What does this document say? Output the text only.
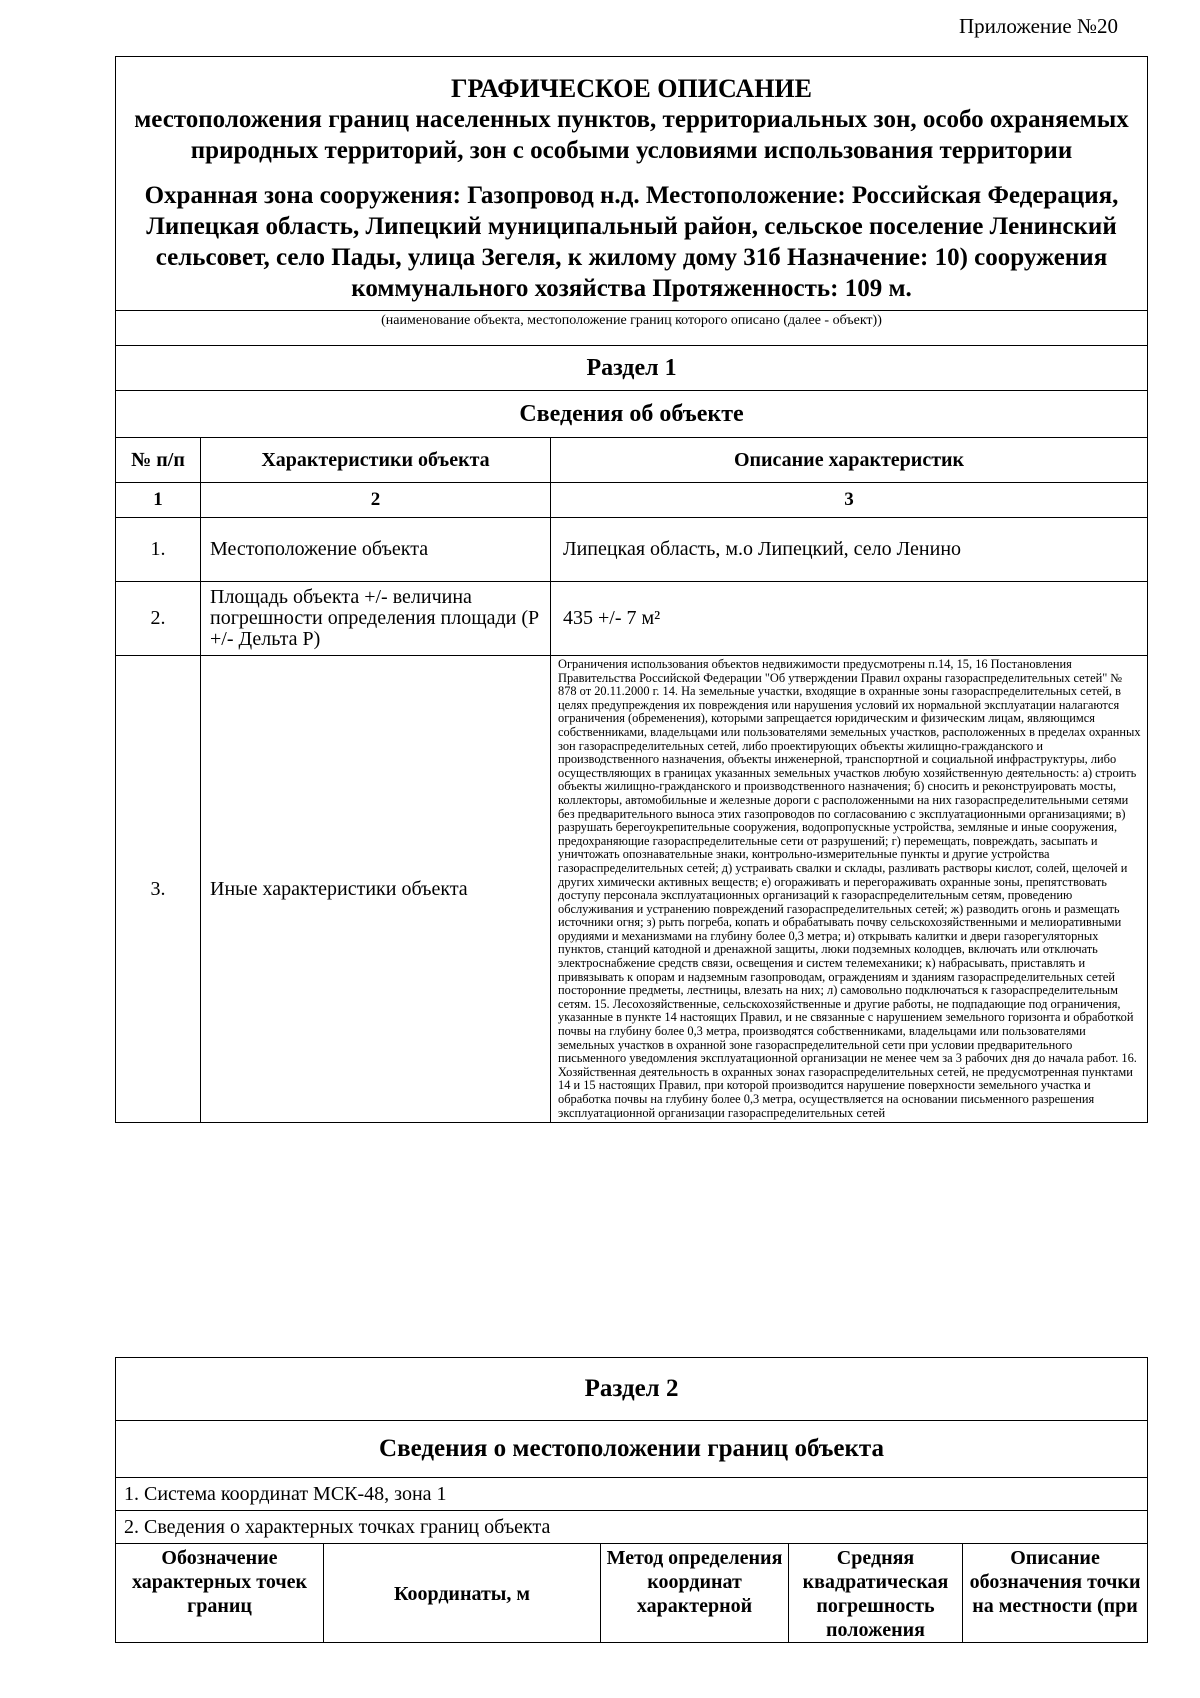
Приложение №20
ГРАФИЧЕСКОЕ ОПИСАНИЕ
местоположения границ населенных пунктов, территориальных зон, особо охраняемых природных территорий, зон с особыми условиями использования территории
Охранная зона сооружения: Газопровод н.д. Местоположение: Российская Федерация, Липецкая область, Липецкий муниципальный район, сельское поселение Ленинский сельсовет, село Пады, улица Зегеля, к жилому дому 31б Назначение: 10) сооружения коммунального хозяйства Протяженность: 109 м.		

(наименование объекта, местоположение границ которого описано (далее - объект))		
Раздел 1		
Сведения об объекте		
№ п/п	Характеристики объекта	Описание характеристик
1	2	3
1.	Местоположение объекта	Липецкая область, м.о Липецкий, село Ленино
2.	Площадь объекта +/- величина погрешности определения площади (P +/- Дельта P)	435 +/- 7 м²
3.	Иные характеристики объекта	Ограничения использования объектов недвижимости предусмотрены п.14, 15, 16 Постановления Правительства Российской Федерации "Об утверждении Правил охраны газораспределительных сетей" № 878 от 20.11.2000 г. 14. На земельные участки, входящие в охранные зоны газораспределительных сетей, в целях предупреждения их повреждения или нарушения условий их нормальной эксплуатации налагаются ограничения (обременения), которыми запрещается юридическим и физическим лицам, являющимся собственниками, владельцами или пользователями земельных участков, расположенных в пределах охранных зон газораспределительных сетей, либо проектирующих объекты жилищно-гражданского и производственного назначения, объекты инженерной, транспортной и социальной инфраструктуры, либо осуществляющих в границах указанных земельных участков любую хозяйственную деятельность: а) строить объекты жилищно-гражданского и производственного назначения; б) сносить и реконструировать мосты, коллекторы, автомобильные и железные дороги с расположенными на них газораспределительными сетями без предварительного выноса этих газопроводов по согласованию с эксплуатационными организациями; в) разрушать берегоукрепительные сооружения, водопропускные устройства, земляные и иные сооружения, предохраняющие газораспределительные сети от разрушений; г) перемещать, повреждать, засыпать и уничтожать опознавательные знаки, контрольно-измерительные пункты и другие устройства газораспределительных сетей; д) устраивать свалки и склады, разливать растворы кислот, солей, щелочей и других химически активных веществ; е) огораживать и перегораживать охранные зоны, препятствовать доступу персонала эксплуатационных организаций к газораспределительным сетям, проведению обслуживания и устранению повреждений газораспределительных сетей; ж) разводить огонь и размещать источники огня; з) рыть погреба, копать и обрабатывать почву сельскохозяйственными и мелиоративными орудиями и механизмами на глубину более 0,3 метра; и) открывать калитки и двери газорегуляторных пунктов, станций катодной и дренажной защиты, люки подземных колодцев, включать или отключать электроснабжение средств связи, освещения и систем телемеханики; к) набрасывать, приставлять и привязывать к опорам и надземным газопроводам, ограждениям и зданиям газораспределительных сетей посторонние предметы, лестницы, влезать на них; л) самовольно подключаться к газораспределительным сетям. 15. Лесохозяйственные, сельскохозяйственные и другие работы, не подпадающие под ограничения, указанные в пункте 14 настоящих Правил, и не связанные с нарушением земельного горизонта и обработкой почвы на глубину более 0,3 метра, производятся собственниками, владельцами или пользователями земельных участков в охранной зоне газораспределительной сети при условии предварительного письменного уведомления эксплуатационной организации не менее чем за 3 рабочих дня до начала работ. 16. Хозяйственная деятельность в охранных зонах газораспределительных сетей, не предусмотренная пунктами 14 и 15 настоящих Правил, при которой производится нарушение поверхности земельного участка и обработка почвы на глубину более 0,3 метра, осуществляется на основании письменного разрешения эксплуатационной организации газораспределительных сетей
Раздел 2
Сведения о местоположении границ объекта
1. Система координат МСК-48, зона 1
2. Сведения о характерных точках границ объекта
Обозначение характерных точек границ	Координаты, м	Метод определения координат характерной	Средняя квадратическая погрешность положения	Описание обозначения точки на местности (при
